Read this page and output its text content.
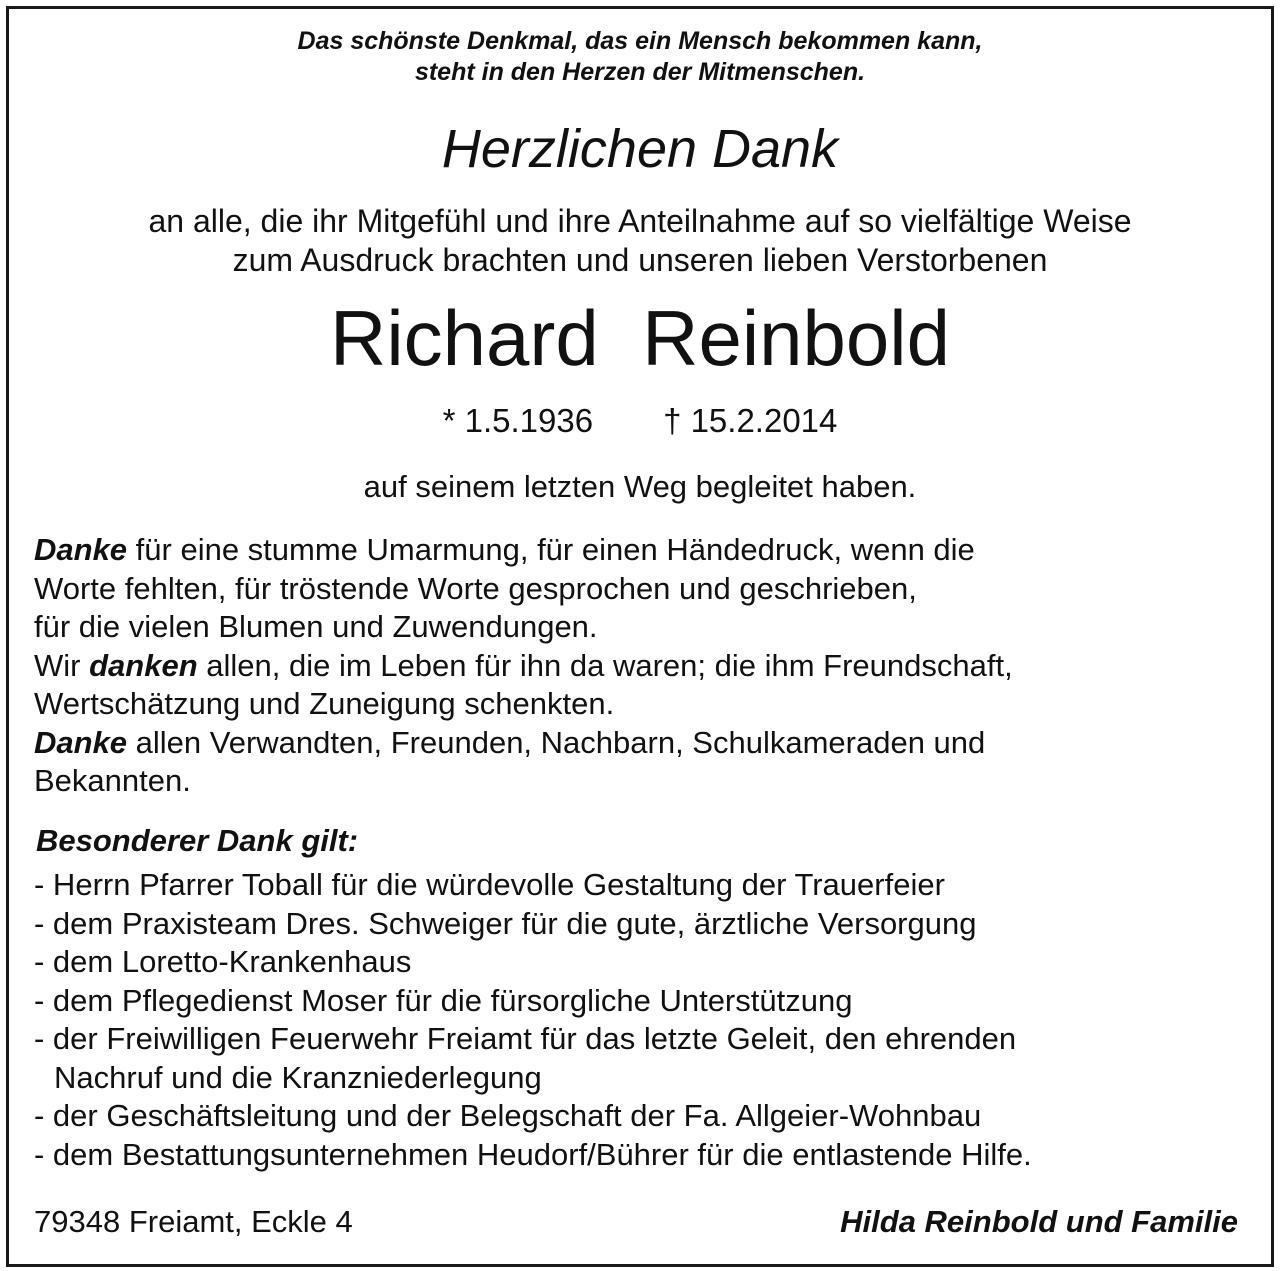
Das schönste Denkmal, das ein Mensch bekommen kann,
steht in den Herzen der Mitmenschen.
Herzlichen Dank
an alle, die ihr Mitgefühl und ihre Anteilnahme auf so vielfältige Weise
zum Ausdruck brachten und unseren lieben Verstorbenen
Richard Reinbold
* 1.5.1936 † 15.2.2014
auf seinem letzten Weg begleitet haben.
Danke für eine stumme Umarmung, für einen Händedruck, wenn die
Worte fehlten, für tröstende Worte gesprochen und geschrieben,
für die vielen Blumen und Zuwendungen.
Wir danken allen, die im Leben für ihn da waren; die ihm Freundschaft,
Wertschätzung und Zuneigung schenkten.
Danke allen Verwandten, Freunden, Nachbarn, Schulkameraden und
Bekannten.
Besonderer Dank gilt:
- Herrn Pfarrer Toball für die würdevolle Gestaltung der Trauerfeier
- dem Praxisteam Dres. Schweiger für die gute, ärztliche Versorgung
- dem Loretto-Krankenhaus
- dem Pflegedienst Moser für die fürsorgliche Unterstützung
- der Freiwilligen Feuerwehr Freiamt für das letzte Geleit, den ehrenden
Nachruf und die Kranzniederlegung
- der Geschäftsleitung und der Belegschaft der Fa. Allgeier-Wohnbau
- dem Bestattungsunternehmen Heudorf/Bührer für die entlastende Hilfe.
79348 Freiamt, Eckle 4	Hilda Reinbold und Familie
